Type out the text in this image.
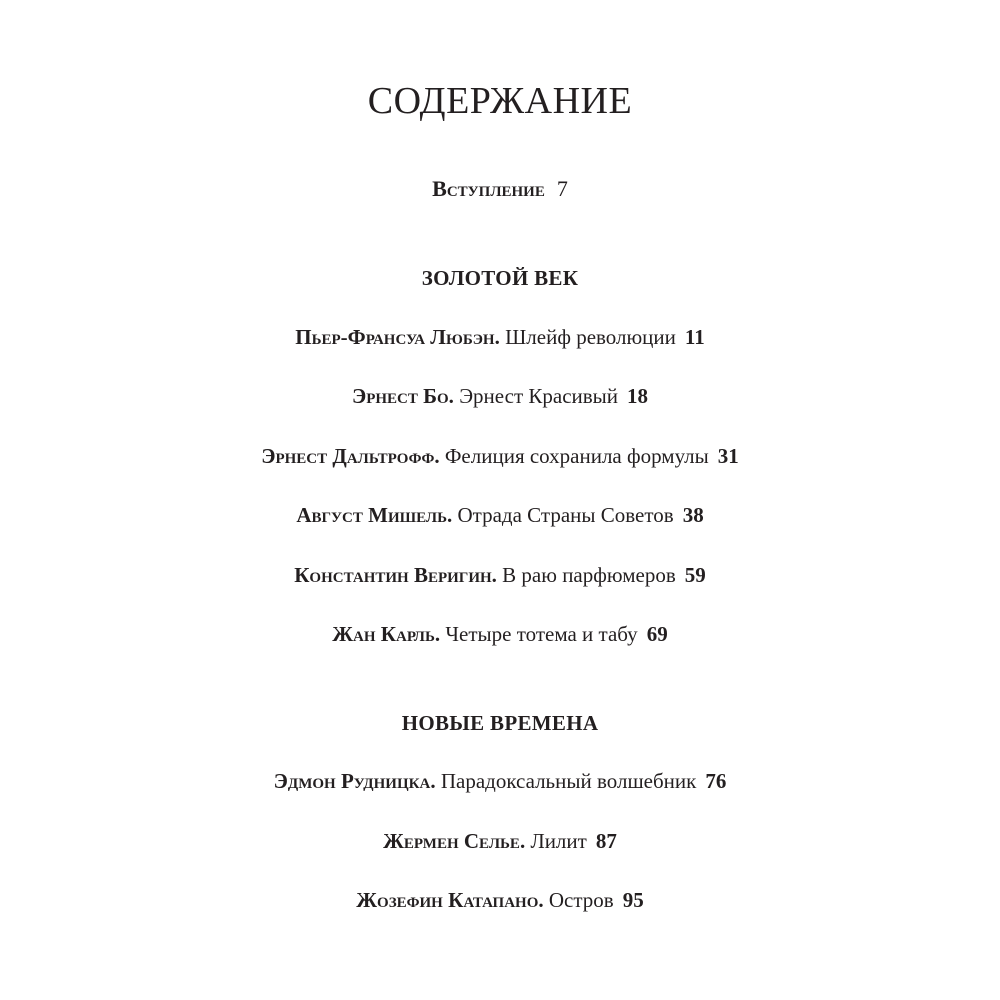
СОДЕРЖАНИЕ
Вступление 7
ЗОЛОТОЙ ВЕК
Пьер-Франсуа Любэн. Шлейф революции 11
Эрнест Бо. Эрнест Красивый 18
Эрнест Дальтрофф. Фелиция сохранила формулы 31
Август Мишель. Отрада Страны Советов 38
Константин Веригин. В раю парфюмеров 59
Жан Карль. Четыре тотема и табу 69
НОВЫЕ ВРЕМЕНА
Эдмон Рудницка. Парадоксальный волшебник 76
Жермен Селье. Лилит 87
Жозефин Катапано. Остров 95
